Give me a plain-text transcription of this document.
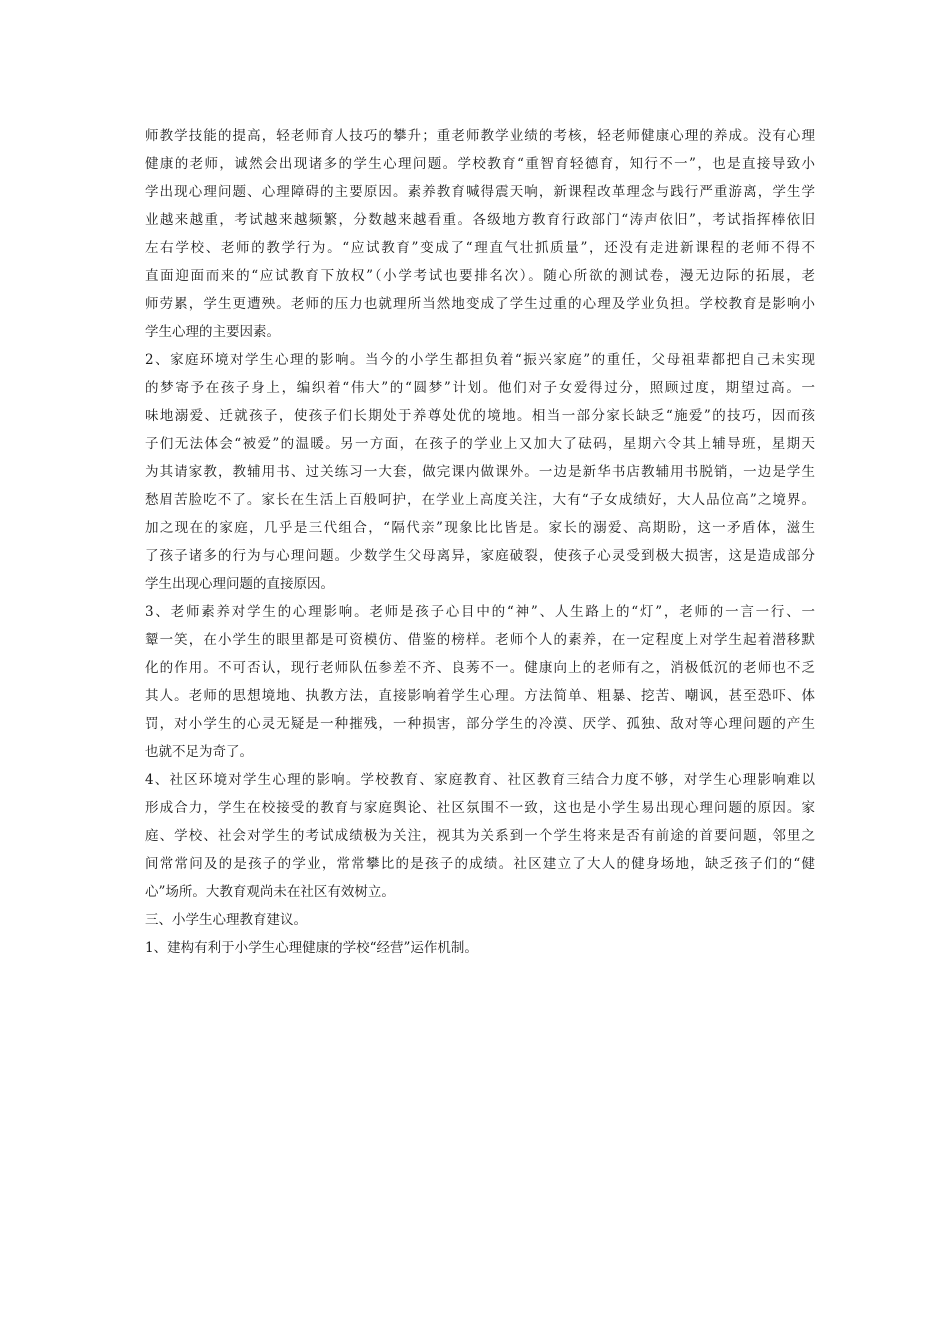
师教学技能的提高，轻老师育人技巧的攀升；重老师教学业绩的考核，轻老师健康心理的养成。没有心理
健康的老师，诚然会出现诸多的学生心理问题。学校教育“重智育轻德育，知行不一”，也是直接导致小
学出现心理问题、心理障碍的主要原因。素养教育喊得震天响，新课程改革理念与践行严重游离，学生学
业越来越重，考试越来越频繁，分数越来越看重。各级地方教育行政部门“涛声依旧”，考试指挥棒依旧
左右学校、老师的教学行为。“应试教育”变成了“理直气壮抓质量”，还没有走进新课程的老师不得不
直面迎面而来的“应试教育下放权”（小学考试也要排名次）。随心所欲的测试卷，漫无边际的拓展，老
师劳累，学生更遭殃。老师的压力也就理所当然地变成了学生过重的心理及学业负担。学校教育是影响小
学生心理的主要因素。
2、家庭环境对学生心理的影响。当今的小学生都担负着“振兴家庭”的重任，父母祖辈都把自己未实现
的梦寄予在孩子身上，编织着“伟大”的“圆梦”计划。他们对子女爱得过分，照顾过度，期望过高。一
味地溺爱、迁就孩子，使孩子们长期处于养尊处优的境地。相当一部分家长缺乏“施爱”的技巧，因而孩
子们无法体会“被爱”的温暖。另一方面，在孩子的学业上又加大了砝码，星期六令其上辅导班，星期天
为其请家教，教辅用书、过关练习一大套，做完课内做课外。一边是新华书店教辅用书脱销，一边是学生
愁眉苦脸吃不了。家长在生活上百般呵护，在学业上高度关注，大有“子女成绩好，大人品位高”之境界。
加之现在的家庭，几乎是三代组合，“隔代亲”现象比比皆是。家长的溺爱、高期盼，这一矛盾体，滋生
了孩子诸多的行为与心理问题。少数学生父母离异，家庭破裂，使孩子心灵受到极大损害，这是造成部分
学生出现心理问题的直接原因。
3、老师素养对学生的心理影响。老师是孩子心目中的“神”、人生路上的“灯”，老师的一言一行、一
颦一笑，在小学生的眼里都是可资模仿、借鉴的榜样。老师个人的素养，在一定程度上对学生起着潜移默
化的作用。不可否认，现行老师队伍参差不齐、良莠不一。健康向上的老师有之，消极低沉的老师也不乏
其人。老师的思想境地、执教方法，直接影响着学生心理。方法简单、粗暴、挖苦、嘲讽，甚至恐吓、体
罚，对小学生的心灵无疑是一种摧残，一种损害，部分学生的冷漠、厌学、孤独、敌对等心理问题的产生
也就不足为奇了。
4、社区环境对学生心理的影响。学校教育、家庭教育、社区教育三结合力度不够，对学生心理影响难以
形成合力，学生在校接受的教育与家庭舆论、社区氛围不一致，这也是小学生易出现心理问题的原因。家
庭、学校、社会对学生的考试成绩极为关注，视其为关系到一个学生将来是否有前途的首要问题，邻里之
间常常问及的是孩子的学业，常常攀比的是孩子的成绩。社区建立了大人的健身场地，缺乏孩子们的“健
心”场所。大教育观尚未在社区有效树立。
三、小学生心理教育建议。
1、建构有利于小学生心理健康的学校“经营”运作机制。
